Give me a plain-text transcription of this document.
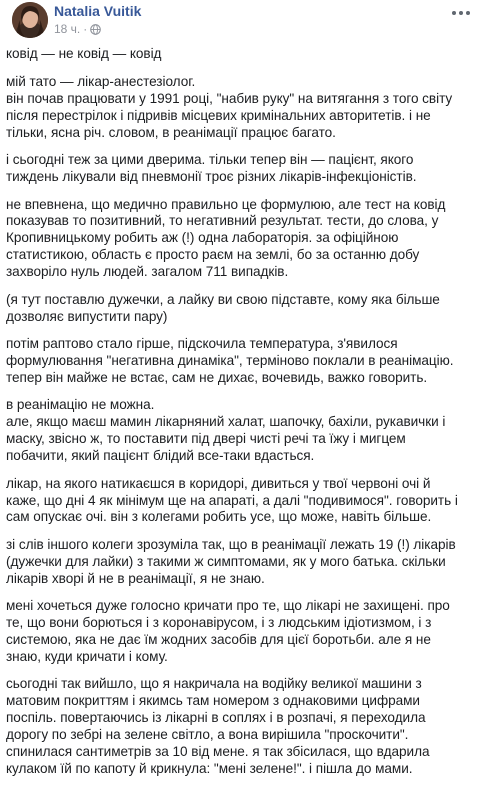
Natalia Vuitik
18 ч. ·

ковід — не ковід — ковід

мій тато — лікар-анестезіолог.
він почав працювати у 1991 році, "набив руку" на витягання з того світу
після перестрілок і підривів місцевих кримінальних авторитетів. і не
тільки, ясна річ. словом, в реанімації працює багато.

і сьогодні теж за цими дверима. тільки тепер він — пацієнт, якого
тиждень лікували від пневмонії троє різних лікарів-інфекціоністів.

не впевнена, що медично правильно це формулюю, але тест на ковід
показував то позитивний, то негативний результат. тести, до слова, у
Кропивницькому робить аж (!) одна лабораторія. за офіційною
статистикою, область є просто раєм на землі, бо за останню добу
захворіло нуль людей. загалом 711 випадків.

(я тут поставлю дужечки, а лайку ви свою підставте, кому яка більше
дозволяє випустити пару)

потім раптово стало гірше, підскочила температура, з'явилося
формулювання "негативна динаміка", терміново поклали в реанімацію.
тепер він майже не встає, сам не дихає, вочевидь, важко говорить.

в реанімацію не можна.
але, якщо маєш мамин лікарняний халат, шапочку, бахіли, рукавички і
маску, звісно ж, то поставити під двері чисті речі та їжу і мигцем
побачити, який пацієнт блідий все-таки вдасться.

лікар, на якого натикаєшся в коридорі, дивиться у твої червоні очі й
каже, що дні 4 як мінімум ще на апараті, а далі "подивимося". говорить і
сам опускає очі. він з колегами робить усе, що може, навіть більше.

зі слів іншого колеги зрозуміла так, що в реанімації лежать 19 (!) лікарів
(дужечки для лайки) з такими ж симптомами, як у мого батька. скільки
лікарів хворі й не в реанімації, я не знаю.

мені хочеться дуже голосно кричати про те, що лікарі не захищені. про
те, що вони борються і з коронавірусом, і з людським ідіотизмом, і з
системою, яка не дає їм жодних засобів для цієї боротьби. але я не
знаю, куди кричати і кому.

сьогодні так вийшло, що я накричала на водійку великої машини з
матовим покриттям і якимсь там номером з однаковими цифрами
поспіль. повертаючись із лікарні в соплях і в розпачі, я переходила
дорогу по зебрі на зелене світло, а вона вирішила "проскочити".
спинилася сантиметрів за 10 від мене. я так збісилася, що вдарила
кулаком їй по капоту й крикнула: "мені зелене!". і пішла до мами.
